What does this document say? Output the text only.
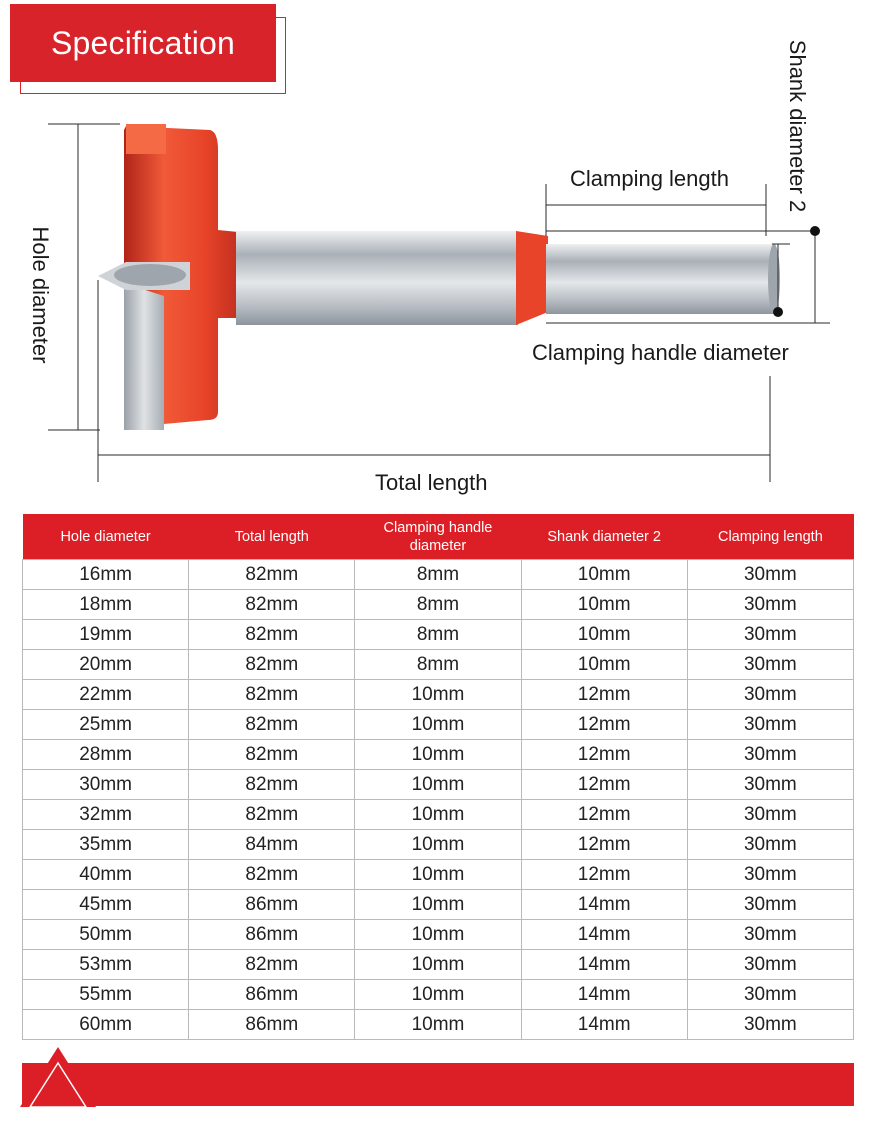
Specification
Clamping length
Clamping handle diameter
Total length
Hole diameter
Shank diameter 2
Hole diameter	Total length	Clamping handle diameter	Shank diameter 2	Clamping length
16mm	82mm	8mm	10mm	30mm
18mm	82mm	8mm	10mm	30mm
19mm	82mm	8mm	10mm	30mm
20mm	82mm	8mm	10mm	30mm
22mm	82mm	10mm	12mm	30mm
25mm	82mm	10mm	12mm	30mm
28mm	82mm	10mm	12mm	30mm
30mm	82mm	10mm	12mm	30mm
32mm	82mm	10mm	12mm	30mm
35mm	84mm	10mm	12mm	30mm
40mm	82mm	10mm	12mm	30mm
45mm	86mm	10mm	14mm	30mm
50mm	86mm	10mm	14mm	30mm
53mm	82mm	10mm	14mm	30mm
55mm	86mm	10mm	14mm	30mm
60mm	86mm	10mm	14mm	30mm
